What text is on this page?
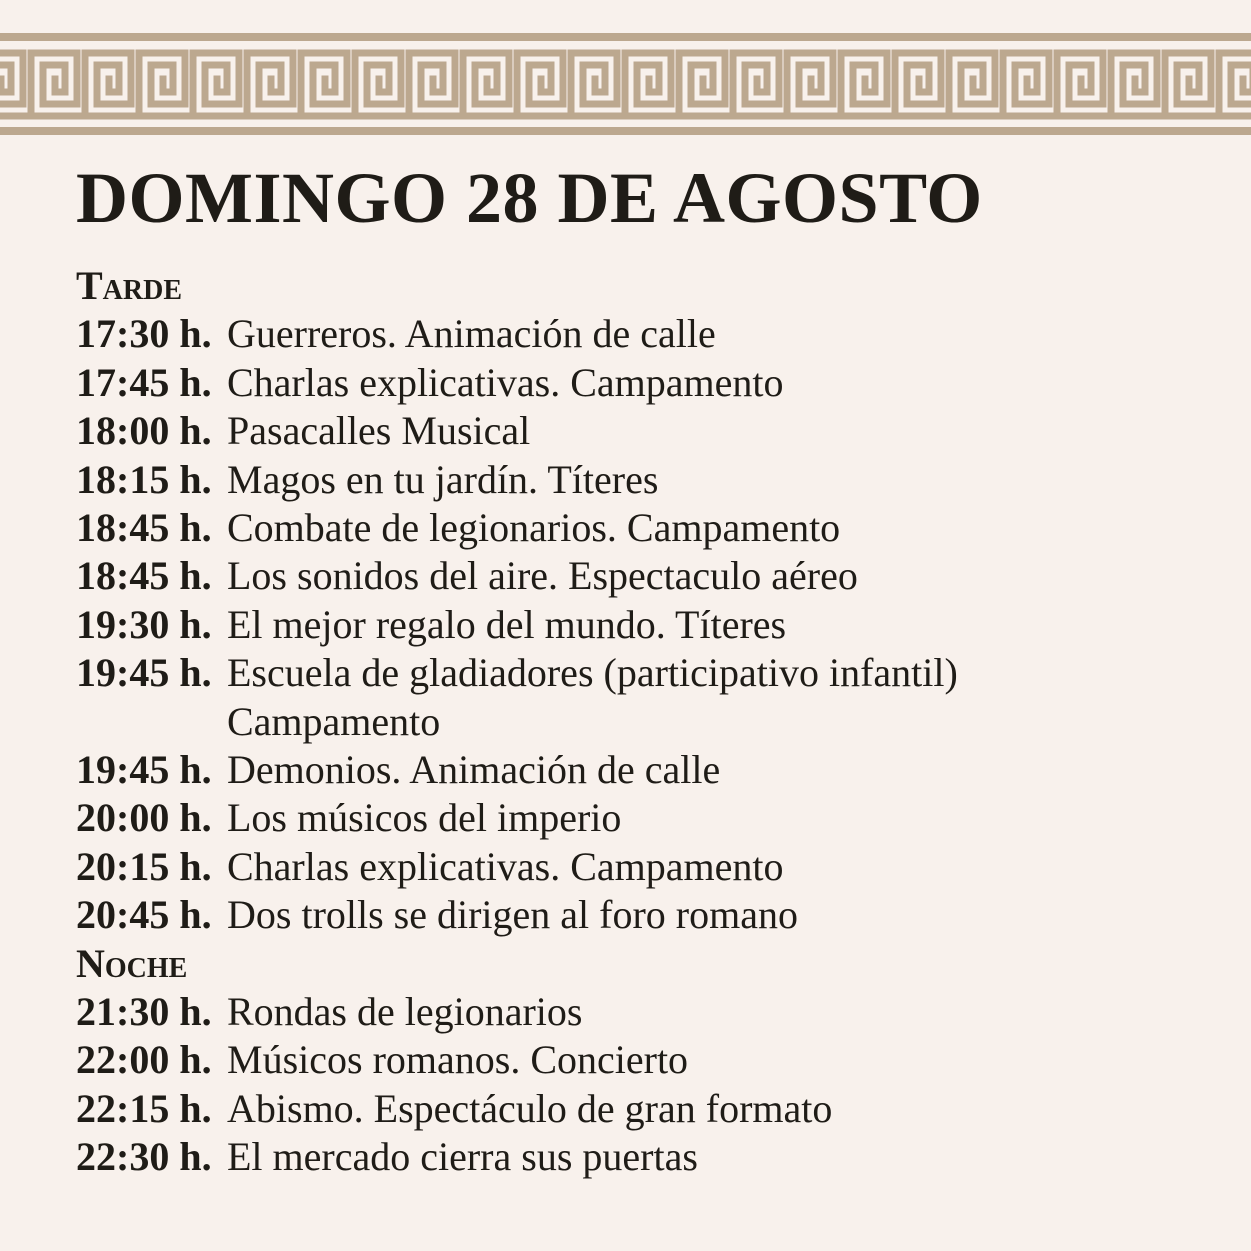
DOMINGO 28 DE AGOSTO
Tarde
17:30 h. Guerreros. Animación de calle
17:45 h. Charlas explicativas. Campamento
18:00 h. Pasacalles Musical
18:15 h. Magos en tu jardín. Títeres
18:45 h. Combate de legionarios. Campamento
18:45 h. Los sonidos del aire. Espectaculo aéreo
19:30 h. El mejor regalo del mundo. Títeres
19:45 h. Escuela de gladiadores (participativo infantil) Campamento
19:45 h. Demonios. Animación de calle
20:00 h. Los músicos del imperio
20:15 h. Charlas explicativas. Campamento
20:45 h. Dos trolls se dirigen al foro romano
Noche
21:30 h. Rondas de legionarios
22:00 h. Músicos romanos. Concierto
22:15 h. Abismo. Espectáculo de gran formato
22:30 h. El mercado cierra sus puertas
